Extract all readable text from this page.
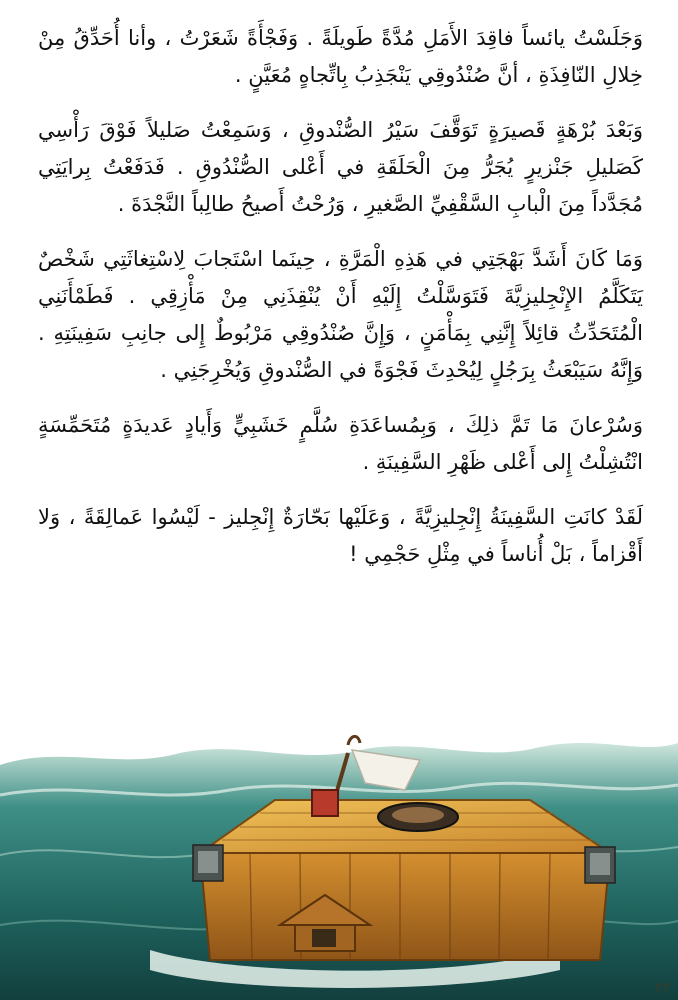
وَجَلَسْتُ يائساً فاقِدَ الأَمَلِ مُدَّةً طَويلَةً . وَفَجْأَةً شَعَرْتُ ، وأنا أُحَدِّقُ مِنْ خِلالِ النّافِذَةِ ، أنَّ صُنْدُوقِي يَنْجَذِبُ بِاتِّجاهٍ مُعَيَّنٍ .

وَبَعْدَ بُرْهَةٍ قَصيرَةٍ تَوَقَّفَ سَيْرُ الصُّنْدوقِ ، وَسَمِعْتُ صَليلاً فَوْقَ رَأْسِي كَصَليلِ جَنْزيرٍ يُجَرُّ مِنَ الْحَلَقَةِ في أَعْلى الصُّنْدُوقِ . فَدَفَعْتُ بِرايَتِي مُجَدَّداً مِنَ الْبابِ السَّقْفِيِّ الصَّغيرِ ، وَرُحْتُ أَصيحُ طالِباً النَّجْدَةَ .

وَمَا كَانَ أَشَدَّ بَهْجَتِي في هَذِهِ الْمَرَّةِ ، حِينَما اسْتَجابَ لِاسْتِغاثَتِي شَخْصٌ يَتَكَلَّمُ الإِنْجِليزِيَّةَ فَتَوَسَّلْتُ إِلَيْهِ أَنْ يُنْقِذَنِي مِنْ مَأْزِقِي . فَطَمْأَنَنِي الْمُتَحَدِّثُ قائِلاً إِنَّنِي بِمَأْمَنٍ ، وَإِنَّ صُنْدُوقِي مَرْبُوطٌ إِلى جانِبِ سَفِينَتِهِ . وَإِنَّهُ سَيَبْعَثُ بِرَجُلٍ لِيُحْدِثَ فَجْوَةً في الصُّنْدوقِ وَيُخْرِجَنِي .

وَسُرْعانَ مَا تَمَّ ذلِكَ ، وَبِمُساعَدَةِ سُلَّمٍ خَشَبِيٍّ وَأَيادٍ عَديدَةٍ مُتَحَمِّسَةٍ انْتُشِلْتُ إِلى أَعْلى ظَهْرِ السَّفِينَةِ .

لَقَدْ كانَتِ السَّفِينَةُ إِنْجِليزِيَّةً ، وَعَلَيْها بَحّارَةٌ إِنْجِليز - لَيْسُوا عَمالِقَةً ، وَلا أَقْزاماً ، بَلْ أُناساً في مِثْلِ حَجْمِي !

٢٢
